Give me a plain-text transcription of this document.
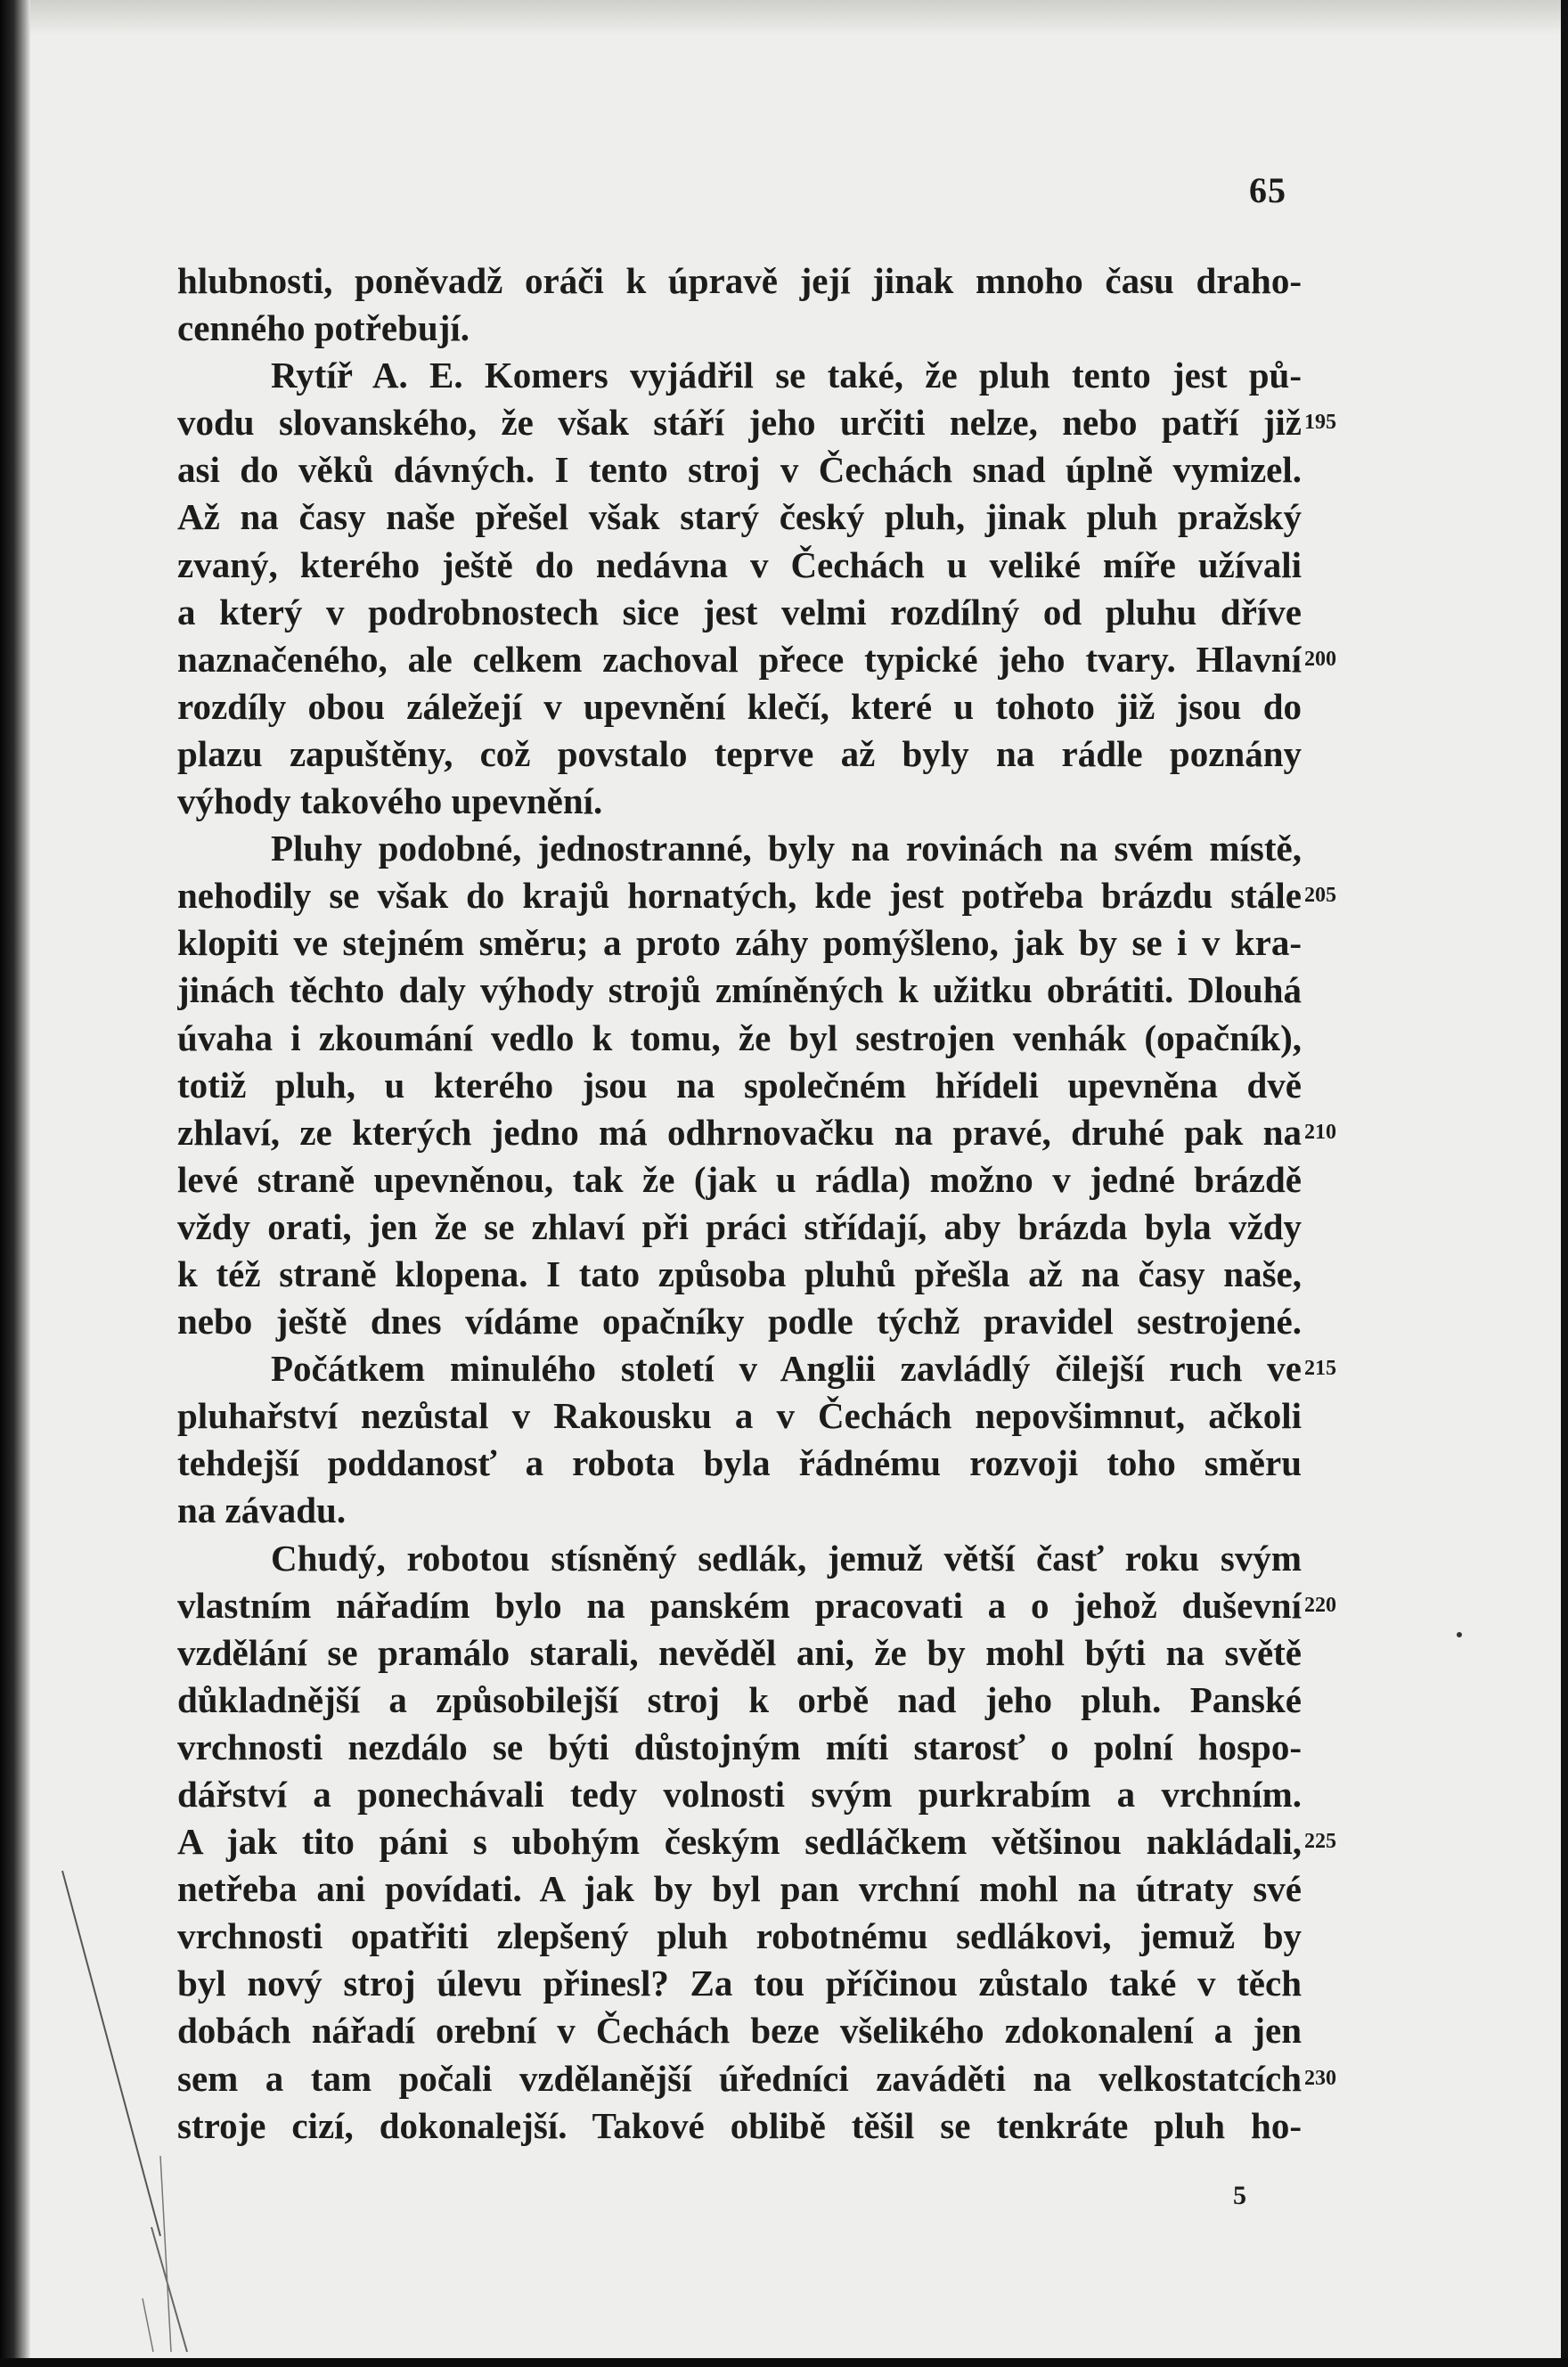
65
hlubnosti, poněvadž oráči k úpravě její jinak mnoho času draho-
cenného potřebují.
Rytíř A. E. Komers vyjádřil se také, že pluh tento jest pů-
vodu slovanského, že však stáří jeho určiti nelze, nebo patří již 195
asi do věků dávných. I tento stroj v Čechách snad úplně vymizel.
Až na časy naše přešel však starý český pluh, jinak pluh pražský
zvaný, kterého ještě do nedávna v Čechách u veliké míře užívali
a který v podrobnostech sice jest velmi rozdílný od pluhu dříve
naznačeného, ale celkem zachoval přece typické jeho tvary. Hlavní 200
rozdíly obou záležejí v upevnění klečí, které u tohoto již jsou do
plazu zapuštěny, což povstalo teprve až byly na rádle poznány
výhody takového upevnění.
Pluhy podobné, jednostranné, byly na rovinách na svém místě,
nehodily se však do krajů hornatých, kde jest potřeba brázdu stále 205
klopiti ve stejném směru; a proto záhy pomýšleno, jak by se i v kra-
jinách těchto daly výhody strojů zmíněných k užitku obrátiti. Dlouhá
úvaha i zkoumání vedlo k tomu, že byl sestrojen venhák (opačník),
totiž pluh, u kterého jsou na společném hřídeli upevněna dvě
zhlaví, ze kterých jedno má odhrnovačku na pravé, druhé pak na 210
levé straně upevněnou, tak že (jak u rádla) možno v jedné brázdě
vždy orati, jen že se zhlaví při práci střídají, aby brázda byla vždy
k též straně klopena. I tato způsoba pluhů přešla až na časy naše,
nebo ještě dnes vídáme opačníky podle týchž pravidel sestrojené.
Počátkem minulého století v Anglii zavládlý čilejší ruch ve 215
pluhařství nezůstal v Rakousku a v Čechách nepovšimnut, ačkoli
tehdejší poddanosť a robota byla řádnému rozvoji toho směru
na závadu.
Chudý, robotou stísněný sedlák, jemuž větší časť roku svým
vlastním nářadím bylo na panském pracovati a o jehož duševní 220
vzdělání se pramálo starali, nevěděl ani, že by mohl býti na světě
důkladnější a způsobilejší stroj k orbě nad jeho pluh. Panské
vrchnosti nezdálo se býti důstojným míti starosť o polní hospo-
dářství a ponechávali tedy volnosti svým purkrabím a vrchním.
A jak tito páni s ubohým českým sedláčkem většinou nakládali, 225
netřeba ani povídati. A jak by byl pan vrchní mohl na útraty své
vrchnosti opatřiti zlepšený pluh robotnému sedlákovi, jemuž by
byl nový stroj úlevu přinesl? Za tou příčinou zůstalo také v těch
dobách nářadí orební v Čechách beze všelikého zdokonalení a jen
sem a tam počali vzdělanější úředníci zaváděti na velkostatcích 230
stroje cizí, dokonalejší. Takové oblibě těšil se tenkráte pluh ho-
5
